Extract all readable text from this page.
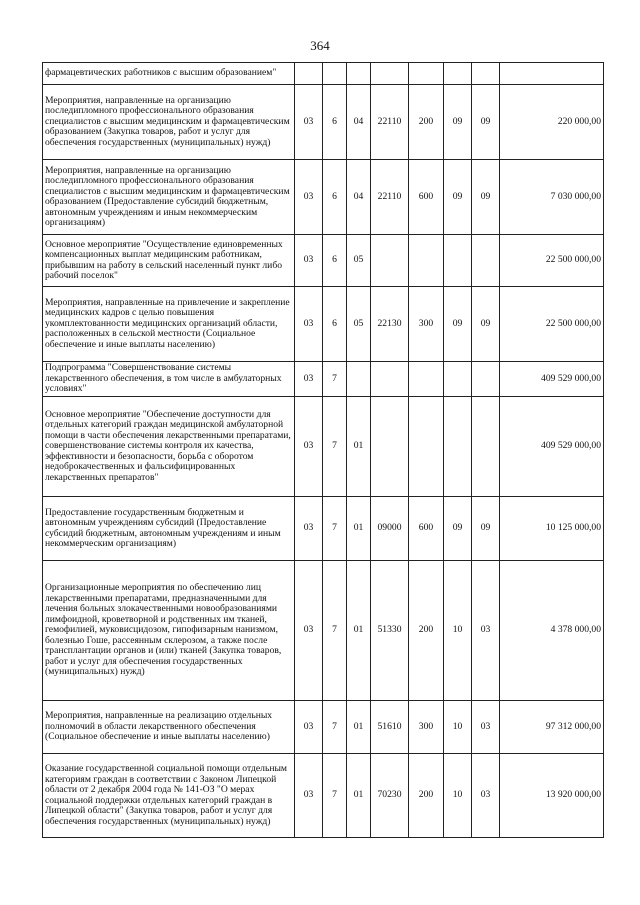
364
фармацевтических работников с высшим образованием"								
Мероприятия, направленные на организацию последипломного профессионального образования специалистов с высшим медицинским и фармацевтическим образованием (Закупка товаров, работ и услуг для обеспечения государственных (муниципальных) нужд)	03	6	04	22110	200	09	09	220 000,00
Мероприятия, направленные на организацию последипломного профессионального образования специалистов с высшим медицинским и фармацевтическим образованием (Предоставление субсидий бюджетным, автономным учреждениям и иным некоммерческим организациям)	03	6	04	22110	600	09	09	7 030 000,00
Основное мероприятие "Осуществление единовременных компенсационных выплат медицинским работникам, прибывшим на работу в сельский населенный пункт либо рабочий поселок"	03	6	05					22 500 000,00
Мероприятия, направленные на привлечение и закрепление медицинских кадров с целью повышения укомплектованности медицинских организаций области, расположенных в сельской местности (Социальное обеспечение и иные выплаты населению)	03	6	05	22130	300	09	09	22 500 000,00
Подпрограмма "Совершенствование системы лекарственного обеспечения, в том числе в амбулаторных условиях"	03	7						409 529 000,00
Основное мероприятие "Обеспечение доступности для отдельных категорий граждан медицинской амбулаторной помощи в части обеспечения лекарственными препаратами, совершенствование системы контроля их качества, эффективности и безопасности, борьба с оборотом недоброкачественных и фальсифицированных лекарственных препаратов"	03	7	01					409 529 000,00
Предоставление государственным бюджетным и автономным учреждениям субсидий (Предоставление субсидий бюджетным, автономным учреждениям и иным некоммерческим организациям)	03	7	01	09000	600	09	09	10 125 000,00
Организационные мероприятия по обеспечению лиц лекарственными препаратами, предназначенными для лечения больных злокачественными новообразованиями лимфоидной, кроветворной и родственных им тканей, гемофилией, муковисцидозом, гипофизарным нанизмом, болезнью Гоше, рассеянным склерозом, а также после трансплантации органов и (или) тканей (Закупка товаров, работ и услуг для обеспечения государственных (муниципальных) нужд)	03	7	01	51330	200	10	03	4 378 000,00
Мероприятия, направленные на реализацию отдельных полномочий в области лекарственного обеспечения (Социальное обеспечение и иные выплаты населению)	03	7	01	51610	300	10	03	97 312 000,00
Оказание государственной социальной помощи отдельным категориям граждан в соответствии с Законом Липецкой области от 2 декабря 2004 года № 141-ОЗ "О мерах социальной поддержки отдельных категорий граждан в Липецкой области" (Закупка товаров, работ и услуг для обеспечения государственных (муниципальных) нужд)	03	7	01	70230	200	10	03	13 920 000,00
